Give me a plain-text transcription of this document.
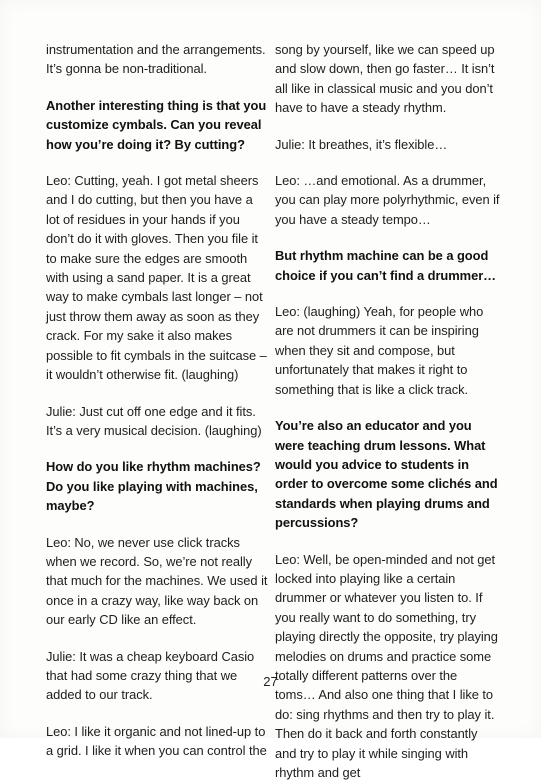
instrumentation and the arrangements. It’s gonna be non-traditional.

Another interesting thing is that you customize cymbals. Can you reveal how you’re doing it? By cutting?

Leo: Cutting, yeah. I got metal sheers and I do cutting, but then you have a lot of residues in your hands if you don’t do it with gloves. Then you file it to make sure the edges are smooth with using a sand paper. It is a great way to make cymbals last longer – not just throw them away as soon as they crack. For my sake it also makes possible to fit cymbals in the suitcase – it wouldn’t otherwise fit. (laughing)

Julie: Just cut off one edge and it fits. It’s a very musical decision. (laughing)

How do you like rhythm machines? Do you like playing with machines, maybe?

Leo: No, we never use click tracks when we record. So, we’re not really that much for the machines. We used it once in a crazy way, like way back on our early CD like an effect.

Julie: It was a cheap keyboard Casio that had some crazy thing that we added to our track.

Leo: I like it organic and not lined-up to a grid. I like it when you can control the

song by yourself, like we can speed up and slow down, then go faster… It isn’t all like in classical music and you don’t have to have a steady rhythm.

Julie: It breathes, it’s flexible…

Leo: …and emotional. As a drummer, you can play more polyrhythmic, even if you have a steady tempo…

But rhythm machine can be a good choice if you can’t find a drummer…

Leo: (laughing) Yeah, for people who are not drummers it can be inspiring when they sit and compose, but unfortunately that makes it right to something that is like a click track.

You’re also an educator and you were teaching drum lessons. What would you advice to students in order to overcome some clichés and standards when playing drums and percussions?

Leo: Well, be open-minded and not get locked into playing like a certain drummer or whatever you listen to. If you really want to do something, try playing directly the opposite, try playing melodies on drums and practice some totally different patterns over the toms… And also one thing that I like to do: sing rhythms and then try to play it. Then do it back and forth constantly and try to play it while singing with rhythm and get

27
